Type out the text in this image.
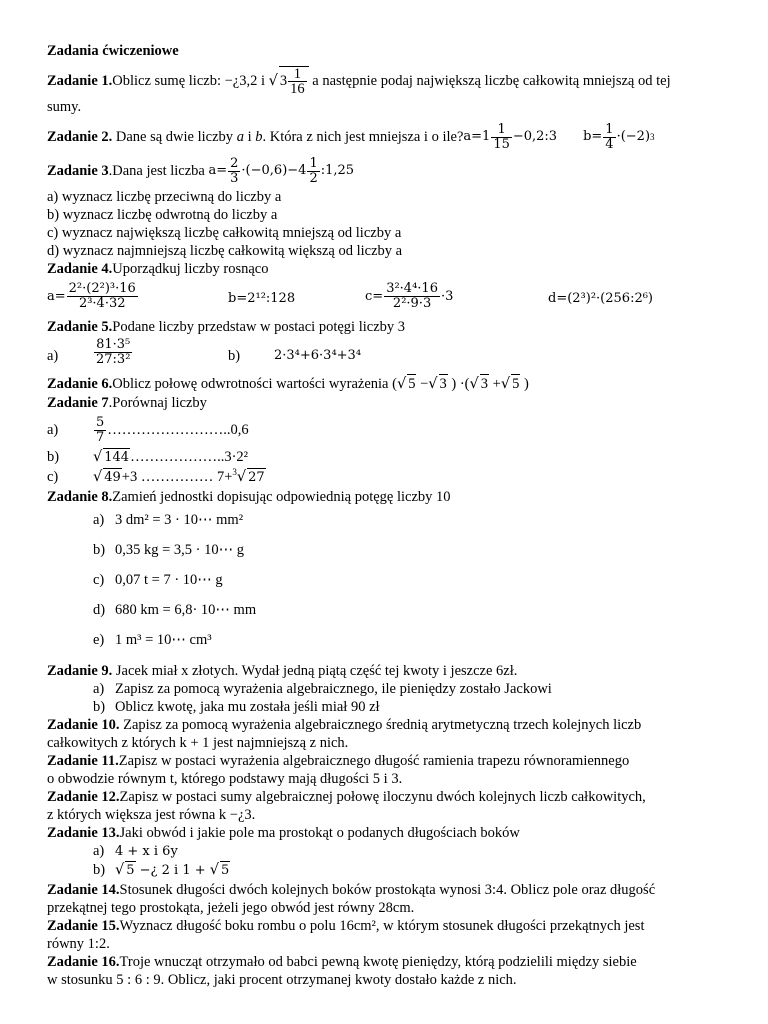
Zadania ćwiczeniowe
Zadanie 1. Oblicz sumę liczb:
−¿3,2 i
√ $3 \frac{1}{16}$
a następnie podaj największą liczbę całkowitą mniejszą od tej
sumy.
Zadanie 2.
Dane są dwie liczby
a
i
b . Która z nich jest mniejsza i o ile? $a=1 \frac{1}{15}$ −0,2:3 $b= \frac{1}{4} \cdot(-2)$ 3
Zadanie 3 .Dana jest liczba
$a= \frac{2}{3} \cdot(-0,6)-4 \frac{1}{2}$ :1,25
a) wyznacz liczbę przeciwną do liczby a
b) wyznacz liczbę odwrotną do liczby a
c) wyznacz największą liczbę całkowitą mniejszą od liczby a
d) wyznacz najmniejszą liczbę całkowitą większą od liczby a
Zadanie 4.Uporządkuj liczby rosnąco
$a= \frac{\text{2²·(2²)³·16}}{\text{2³·4·32}}$	b=2¹²:128	$c= \frac{\text{3²·4⁴·16}}{\text{2²·9·3}} \cdot 3$	d=(2³)²·(256:2⁶)
Zadanie 5.Podane liczby przedstaw w postaci potęgi liczby 3
a)	$\frac{\text{81·3⁵}}{\text{27:3²}}$	b)	2·3⁴+6·3⁴+3⁴
Zadanie 6.Oblicz połowę odwrotności wartości wyrażenia (√ 5 −√ 3 ) ·(√ 3 +√ 5 )
Zadanie 7.Porównaj liczby
a)	$\frac{5}{7}$ ……………………..0,6
b) √ 144………………..3·2²
c) √ 49+3 …………… 7+$^3$√ 27
Zadanie 8.Zamień jednostki dopisując odpowiednią potęgę liczby 10
a) 3 dm² = 3 · 10⋯ mm²
b) 0,35 kg = 3,5 · 10⋯ g
c) 0,07 t = 7 · 10⋯ g
d) 680 km = 6,8· 10⋯ mm
e) 1 m³ = 10⋯ cm³
Zadanie 9. Jacek miał x złotych. Wydał jedną piątą część tej kwoty i jeszcze 6zł.
a) Zapisz za pomocą wyrażenia algebraicznego, ile pieniędzy zostało Jackowi
b) Oblicz kwotę, jaka mu została jeśli miał 90 zł
Zadanie 10. Zapisz za pomocą wyrażenia algebraicznego średnią arytmetyczną trzech kolejnych liczb
całkowitych z których k + 1 jest najmniejszą z nich.
Zadanie 11.Zapisz w postaci wyrażenia algebraicznego długość ramienia trapezu równoramiennego
o obwodzie równym t, którego podstawy mają długości 5 i 3.
Zadanie 12.Zapisz w postaci sumy algebraicznej połowę iloczynu dwóch kolejnych liczb całkowitych,
z których większa jest równa k −¿3.
Zadanie 13.Jaki obwód i jakie pole ma prostokąt o podanych długościach boków
a) 4 + x i 6y
b) √ 5 −¿ 2 i 1 + √ 5
Zadanie 14.Stosunek długości dwóch kolejnych boków prostokąta wynosi 3:4. Oblicz pole oraz długość
przekątnej tego prostokąta, jeżeli jego obwód jest równy 28cm.
Zadanie 15.Wyznacz długość boku rombu o polu 16cm², w którym stosunek długości przekątnych jest
równy 1:2.
Zadanie 16.Troje wnucząt otrzymało od babci pewną kwotę pieniędzy, którą podzielili między siebie
w stosunku 5 : 6 : 9. Oblicz, jaki procent otrzymanej kwoty dostało każde z nich.
